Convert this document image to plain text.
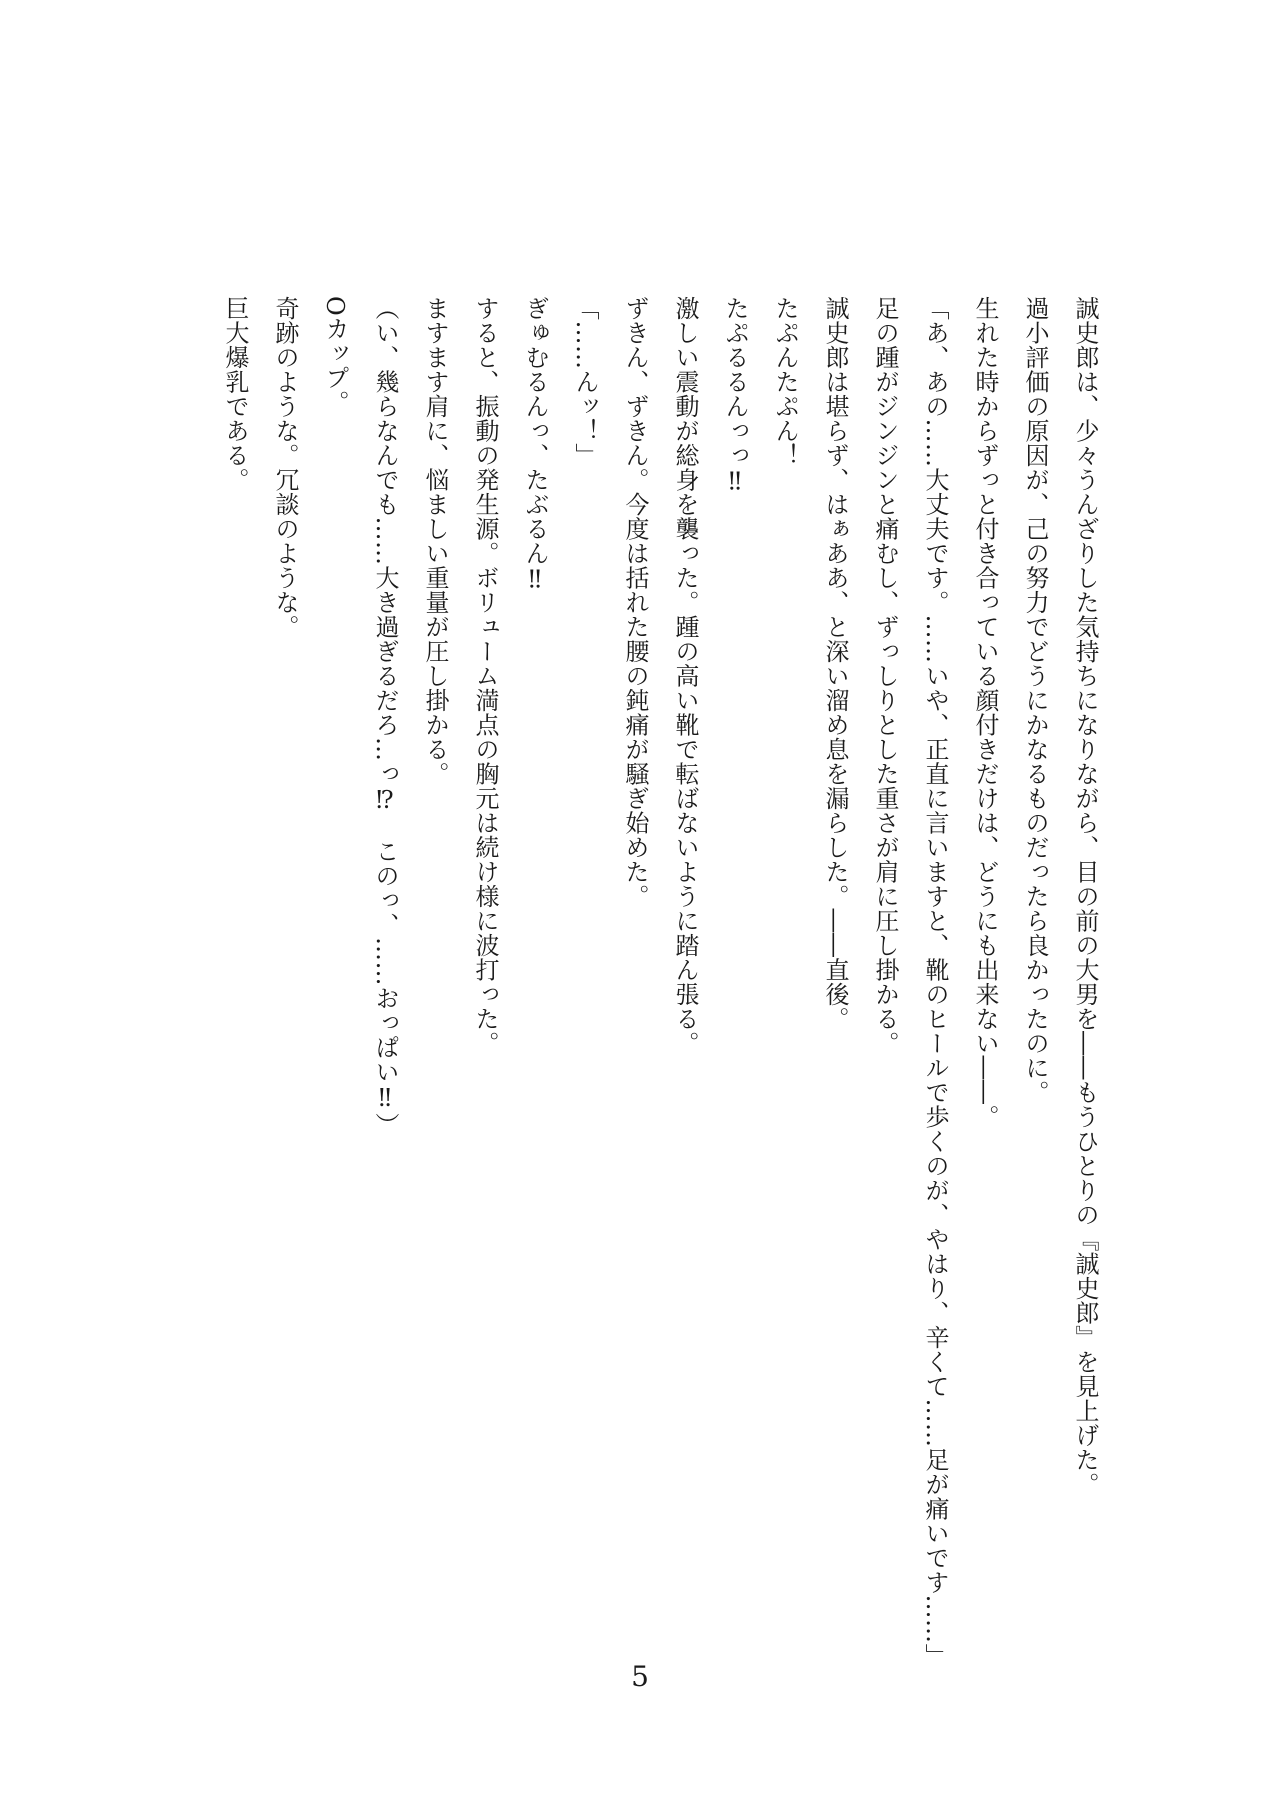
誠史郎は、少々うんざりした気持ちになりながら、目の前の大男を――もうひとりの『誠史郎』を見上げた。

過小評価の原因が、己の努力でどうにかなるものだったら良かったのに。

生れた時からずっと付き合っている顔付きだけは、どうにも出来ない――。

「あ、あの……大丈夫です。……いや、正直に言いますと、靴のヒールで歩くのが、やはり、辛くて……足が痛いです……」

足の踵がジンジンと痛むし、ずっしりとした重さが肩に圧し掛かる。

誠史郎は堪らず、はぁああ、と深い溜め息を漏らした。――直後。

たぷんたぷん！

たぷるるんっっ‼

激しい震動が総身を襲った。踵の高い靴で転ばないように踏ん張る。

ずきん、ずきん。今度は括れた腰の鈍痛が騒ぎ始めた。

「……んッ！」

ぎゅむるんっ、たぶるん‼

すると、振動の発生源。ボリューム満点の胸元は続け様に波打った。

ますます肩に、悩ましい重量が圧し掛かる。

（い、幾らなんでも……大き過ぎるだろ…っ⁉　このっ、……おっぱい‼）

Oカップ。

奇跡のような。冗談のような。

巨大爆乳である。

5
